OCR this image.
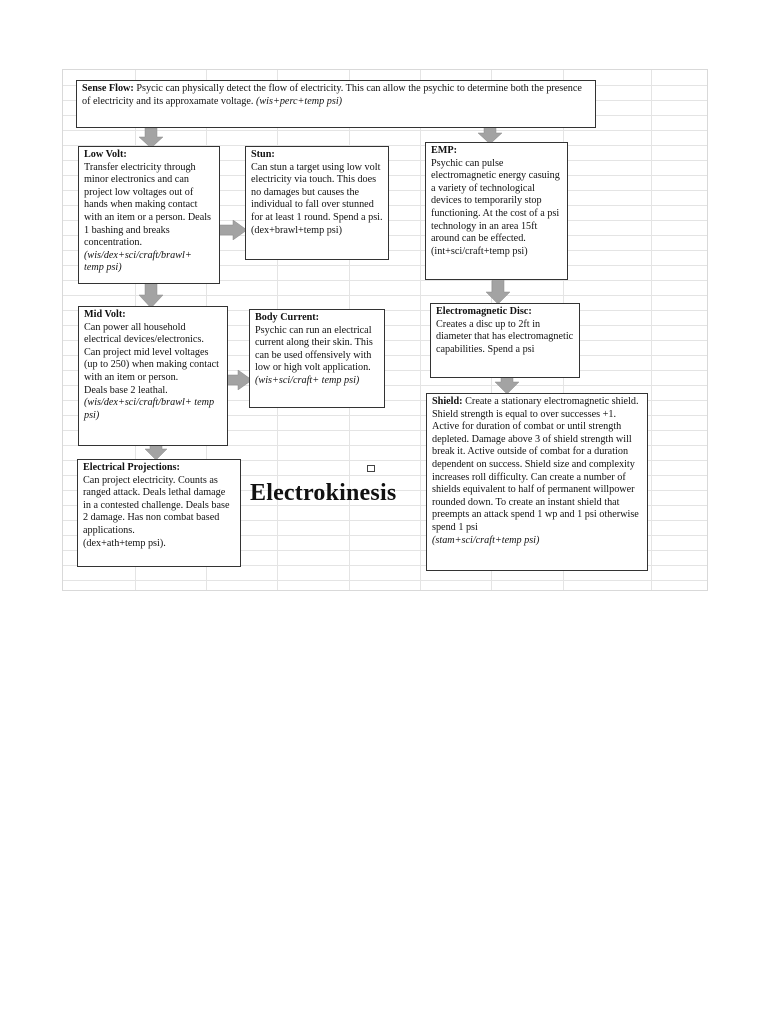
Sense Flow: Psycic can physically detect the flow of electricity. This can allow the psychic to determine both the presence of electricity and its approxamate voltage. (wis+perc+temp psi)
Low Volt:
Transfer electricity through minor electronics and can project low voltages out of hands when making contact with an item or a person. Deals 1 bashing and breaks concentration.
(wis/dex+sci/craft/brawl+ temp psi)
Stun:
Can stun a target using low volt electricity via touch. This does no damages but causes the individual to fall over stunned for at least 1 round. Spend a psi.
(dex+brawl+temp psi)
EMP:
Psychic can pulse electromagnetic energy casuing a variety of technological devices to temporarily stop functioning. At the cost of a psi technology in an area 15ft around can be effected.
(int+sci/craft+temp psi)
Mid Volt:
Can power all household electrical devices/electronics. Can project mid level voltages (up to 250) when making contact with an item or person.
Deals base 2 leathal.
(wis/dex+sci/craft/brawl+ temp psi)
Body Current:
Psychic can run an electrical current along their skin. This can be used offensively with low or high volt application.
(wis+sci/craft+ temp psi)
Electromagnetic Disc:
Creates a disc up to 2ft in diameter that has electromagnetic capabilities. Spend a psi
Electrical Projections:
Can project electricity. Counts as ranged attack. Deals lethal damage in a contested challenge. Deals base 2 damage. Has non combat based applications.
(dex+ath+temp psi).
Shield: Create a stationary electromagnetic shield. Shield strength is equal to over successes +1. Active for duration of combat or until strength depleted. Damage above 3 of shield strength will break it. Active outside of combat for a duration dependent on success. Shield size and complexity increases roll difficulty. Can create a number of shields equivalent to half of permanent willpower rounded down. To create an instant shield that preempts an attack spend 1 wp and 1 psi otherwise spend 1 psi
(stam+sci/craft+temp psi)
Electrokinesis
